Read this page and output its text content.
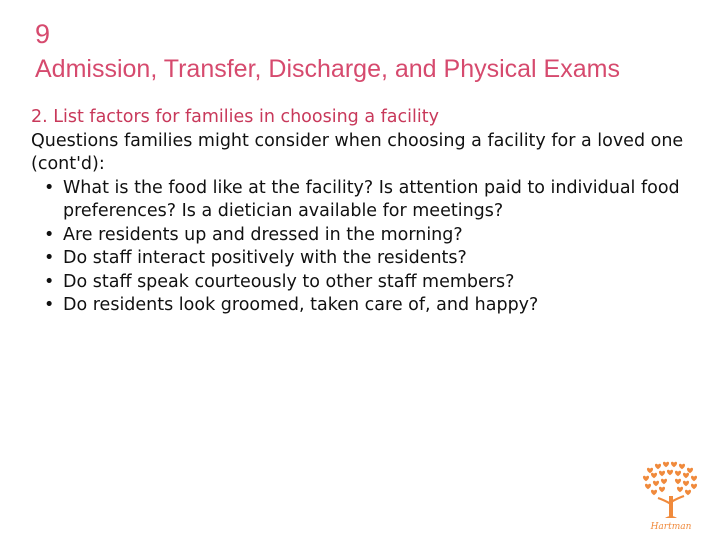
9
Admission, Transfer, Discharge, and Physical Exams
2. List factors for families in choosing a facility

Questions families might consider when choosing a facility for a loved one (cont'd):

• What is the food like at the facility? Is attention paid to individual food preferences? Is a dietician available for meetings?
• Are residents up and dressed in the morning?
• Do staff interact positively with the residents?
• Do staff speak courteously to other staff members?
• Do residents look groomed, taken care of, and happy?
Hartman
